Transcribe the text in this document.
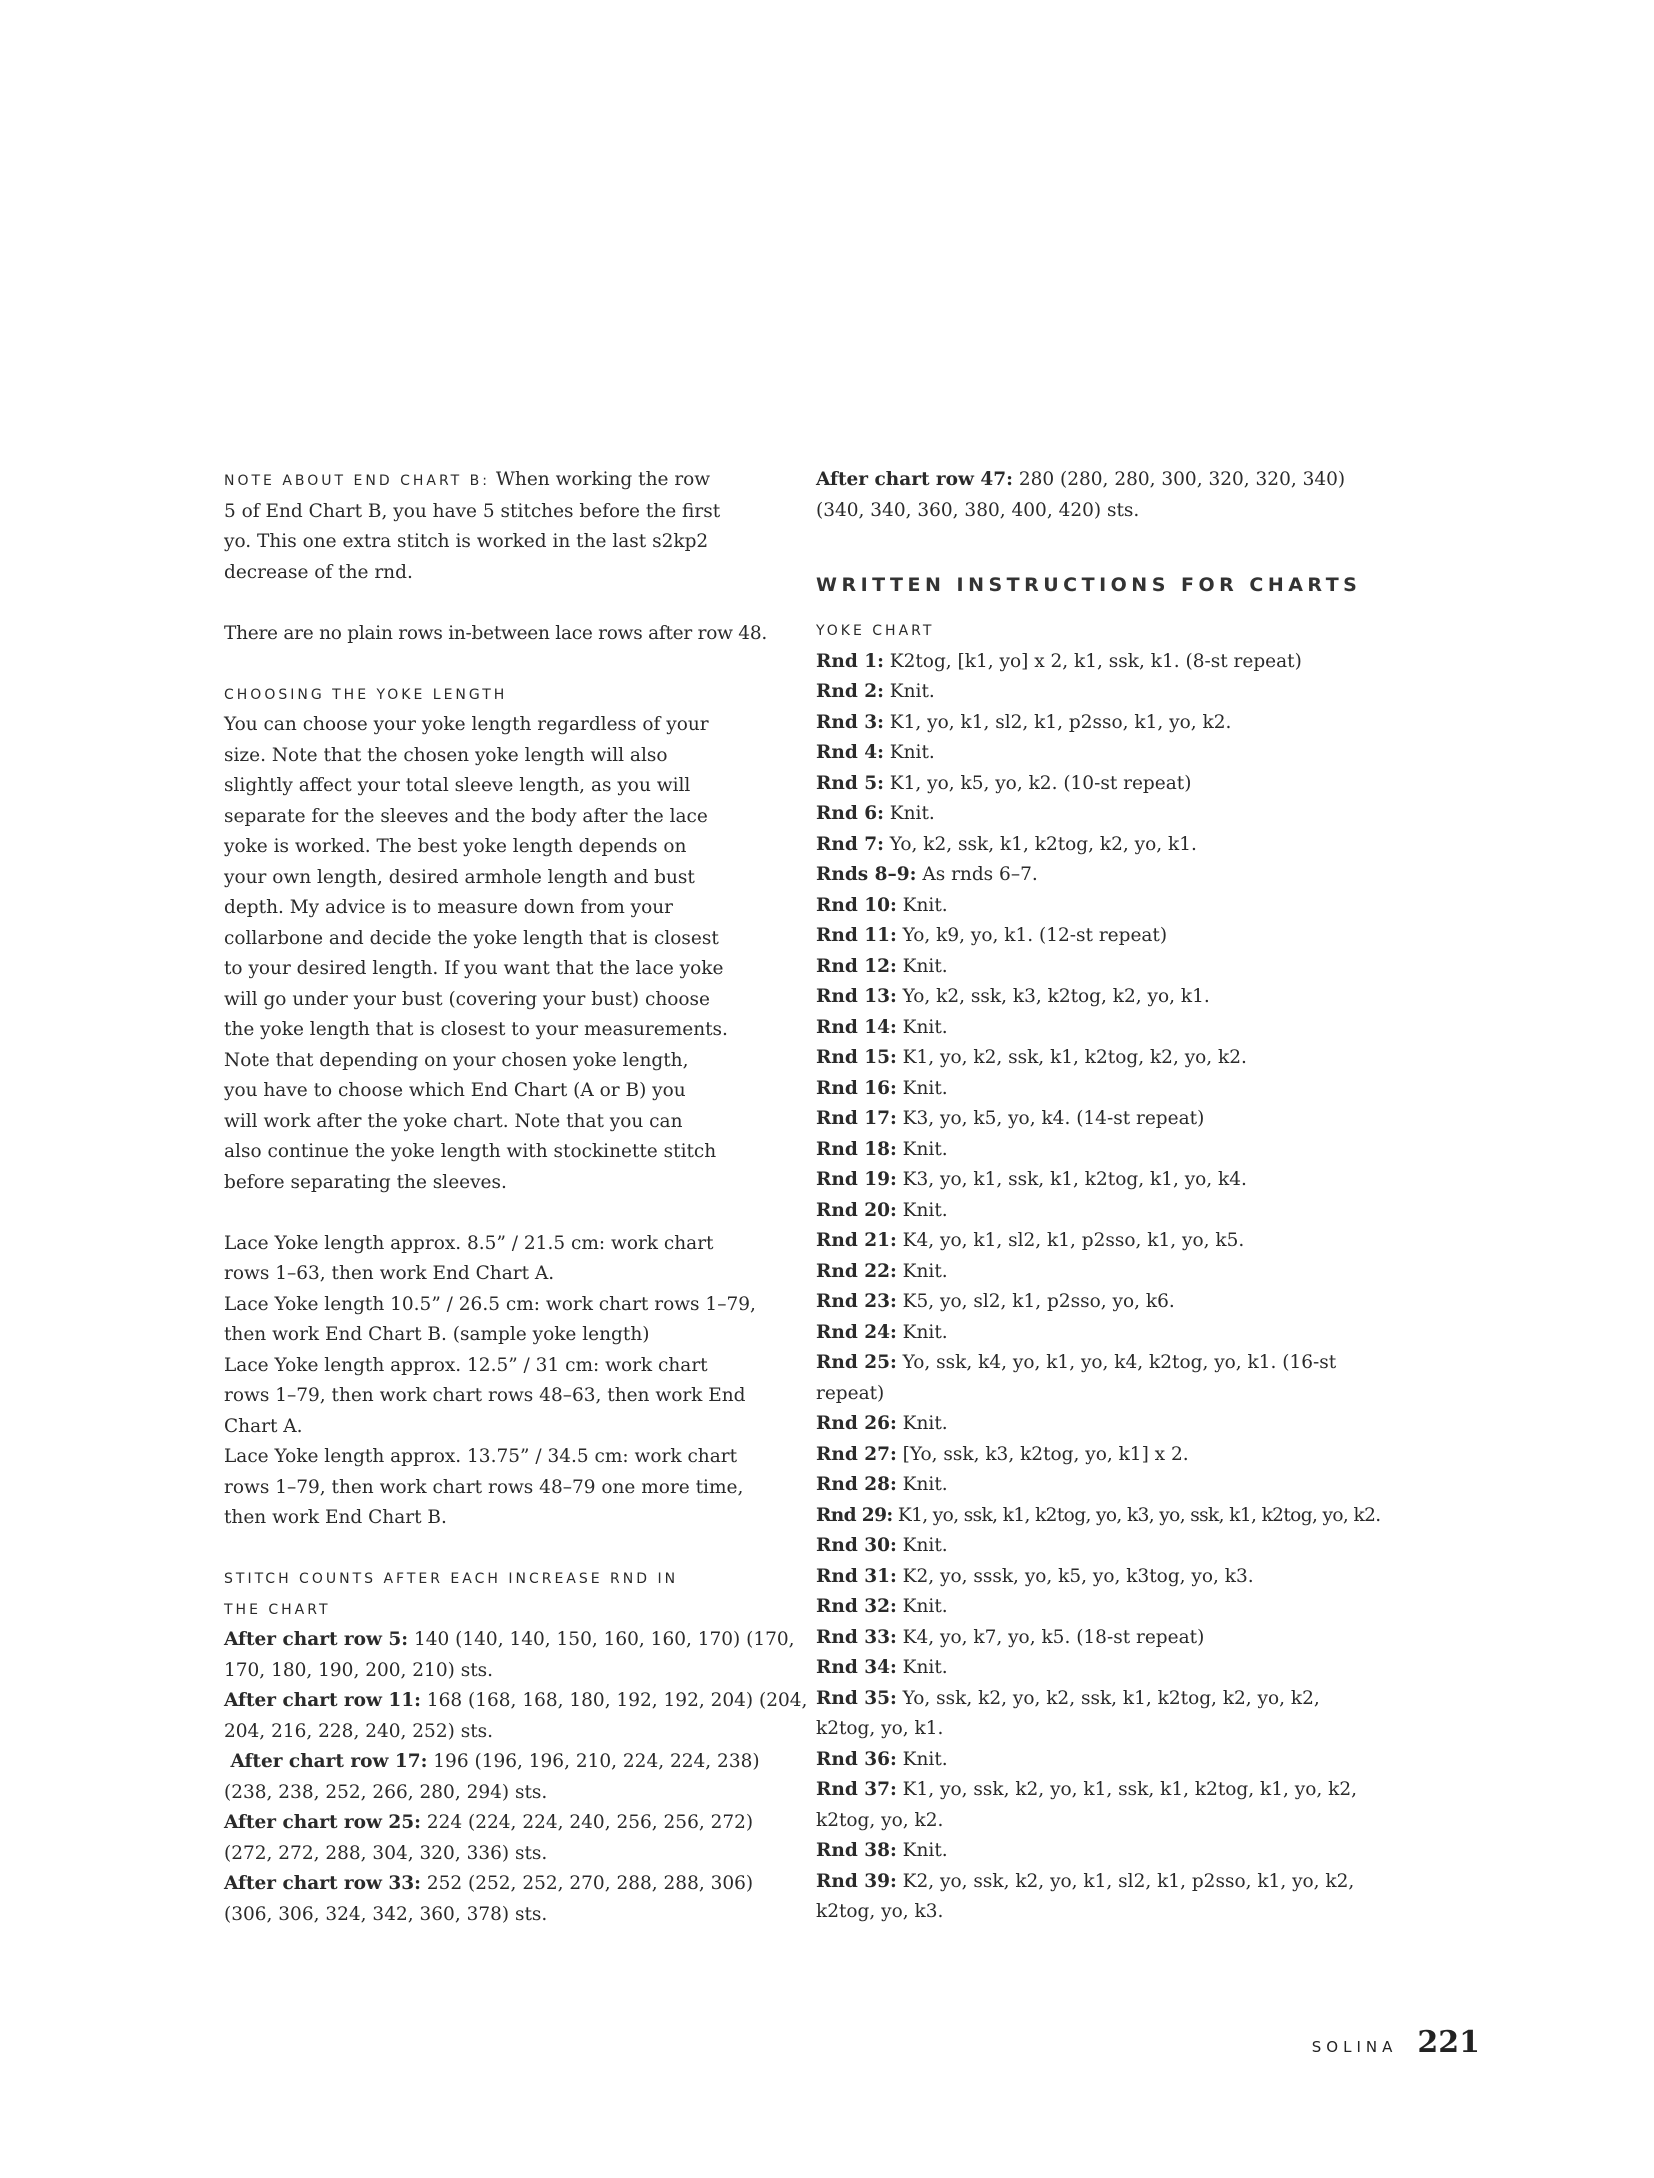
NOTE ABOUT END CHART B: When working the row
5 of End Chart B, you have 5 stitches before the first
yo. This one extra stitch is worked in the last s2kp2
decrease of the rnd.

There are no plain rows in-between lace rows after row 48.

CHOOSING THE YOKE LENGTH

You can choose your yoke length regardless of your
size. Note that the chosen yoke length will also
slightly affect your total sleeve length, as you will
separate for the sleeves and the body after the lace
yoke is worked. The best yoke length depends on
your own length, desired armhole length and bust
depth. My advice is to measure down from your
collarbone and decide the yoke length that is closest
to your desired length. If you want that the lace yoke
will go under your bust (covering your bust) choose
the yoke length that is closest to your measurements.
Note that depending on your chosen yoke length,
you have to choose which End Chart (A or B) you
will work after the yoke chart. Note that you can
also continue the yoke length with stockinette stitch
before separating the sleeves.

Lace Yoke length approx. 8.5” / 21.5 cm: work chart
rows 1–63, then work End Chart A.
Lace Yoke length 10.5” / 26.5 cm: work chart rows 1–79,
then work End Chart B. (sample yoke length)
Lace Yoke length approx. 12.5” / 31 cm: work chart
rows 1–79, then work chart rows 48–63, then work End
Chart A.
Lace Yoke length approx. 13.75” / 34.5 cm: work chart
rows 1–79, then work chart rows 48–79 one more time,
then work End Chart B.

STITCH COUNTS AFTER EACH INCREASE RND IN
THE CHART

After chart row 5: 140 (140, 140, 150, 160, 160, 170) (170,
170, 180, 190, 200, 210) sts.
After chart row 11: 168 (168, 168, 180, 192, 192, 204) (204,
204, 216, 228, 240, 252) sts.
After chart row 17: 196 (196, 196, 210, 224, 224, 238)
(238, 238, 252, 266, 280, 294) sts.
After chart row 25: 224 (224, 224, 240, 256, 256, 272)
(272, 272, 288, 304, 320, 336) sts.
After chart row 33: 252 (252, 252, 270, 288, 288, 306)
(306, 306, 324, 342, 360, 378) sts.

After chart row 47: 280 (280, 280, 300, 320, 320, 340)
(340, 340, 360, 380, 400, 420) sts.

WRITTEN INSTRUCTIONS FOR CHARTS
YOKE CHART

Rnd 1: K2tog, [k1, yo] x 2, k1, ssk, k1. (8-st repeat)
Rnd 2: Knit.
Rnd 3: K1, yo, k1, sl2, k1, p2sso, k1, yo, k2.
Rnd 4: Knit.
Rnd 5: K1, yo, k5, yo, k2. (10-st repeat)
Rnd 6: Knit.
Rnd 7: Yo, k2, ssk, k1, k2tog, k2, yo, k1.
Rnds 8–9: As rnds 6–7.
Rnd 10: Knit.
Rnd 11: Yo, k9, yo, k1. (12-st repeat)
Rnd 12: Knit.
Rnd 13: Yo, k2, ssk, k3, k2tog, k2, yo, k1.
Rnd 14: Knit.
Rnd 15: K1, yo, k2, ssk, k1, k2tog, k2, yo, k2.
Rnd 16: Knit.
Rnd 17: K3, yo, k5, yo, k4. (14-st repeat)
Rnd 18: Knit.
Rnd 19: K3, yo, k1, ssk, k1, k2tog, k1, yo, k4.
Rnd 20: Knit.
Rnd 21: K4, yo, k1, sl2, k1, p2sso, k1, yo, k5.
Rnd 22: Knit.
Rnd 23: K5, yo, sl2, k1, p2sso, yo, k6.
Rnd 24: Knit.
Rnd 25: Yo, ssk, k4, yo, k1, yo, k4, k2tog, yo, k1. (16-st
repeat)
Rnd 26: Knit.
Rnd 27: [Yo, ssk, k3, k2tog, yo, k1] x 2.
Rnd 28: Knit.
Rnd 29: K1, yo, ssk, k1, k2tog, yo, k3, yo, ssk, k1, k2tog, yo, k2.
Rnd 30: Knit.
Rnd 31: K2, yo, sssk, yo, k5, yo, k3tog, yo, k3.
Rnd 32: Knit.
Rnd 33: K4, yo, k7, yo, k5. (18-st repeat)
Rnd 34: Knit.
Rnd 35: Yo, ssk, k2, yo, k2, ssk, k1, k2tog, k2, yo, k2,
k2tog, yo, k1.
Rnd 36: Knit.
Rnd 37: K1, yo, ssk, k2, yo, k1, ssk, k1, k2tog, k1, yo, k2,
k2tog, yo, k2.
Rnd 38: Knit.
Rnd 39: K2, yo, ssk, k2, yo, k1, sl2, k1, p2sso, k1, yo, k2,
k2tog, yo, k3.

SOLINA 221
